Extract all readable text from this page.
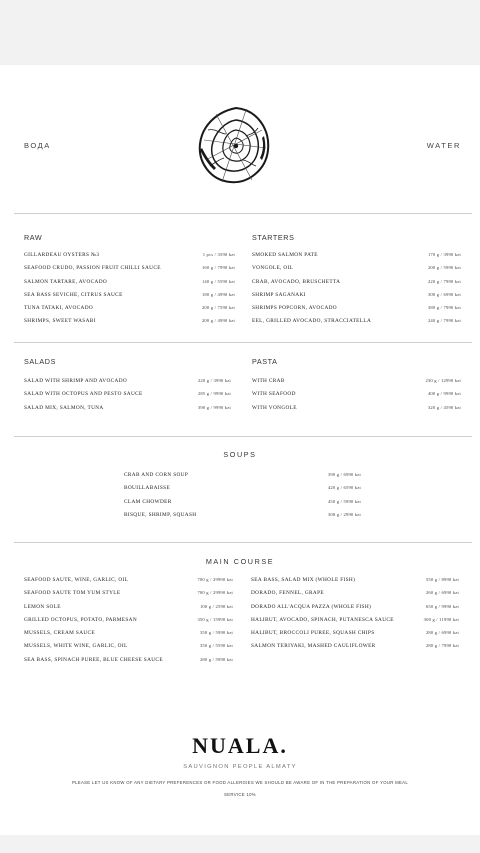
ВОДА	WATER
RAW
GILLARDEAU OYSTERS №3	1 pcs / 3590 kzt
SEAFOOD CRUDO, PASSION FRUIT CHILLI SAUCE	160 g / 7990 kzt
SALMON TARTARE, AVOCADO	140 g / 5590 kzt
SEA BASS SEVICHE, CITRUS SAUCE	180 g / 4990 kzt
TUNA TATAKI, AVOCADO	200 g / 7590 kzt
SHRIMPS, SWEET WASABI	200 g / 4990 kzt
STARTERS
SMOKED SALMON PATE	170 g / 3990 kzt
VONGOLE, OIL	200 g / 5990 kzt
CRAB, AVOCADO, BRUSCHETTA	220 g / 7990 kzt
SHRIMP SAGANAKI	300 g / 6990 kzt
SHRIMPS POPCORN, AVOCADO	380 g / 7990 kzt
EEL, GRILLED AVOCADO, STRACCIATELLA	240 g / 7990 kzt
SALADS
SALAD WITH SHRIMP AND AVOCADO	220 g / 3990 kzt
SALAD WITH OCTOPUS AND PESTO SAUCE	285 g / 9990 kzt
SALAD MIX, SALMON, TUNA	390 g / 9990 kzt
PASTA
WITH CRAB	230 g / 12990 kzt
WITH SEAFOOD	400 g / 9990 kzt
WITH VONGOLE	320 g / 4590 kzt
SOUPS
CRAB AND CORN SOUP	390 g / 6990 kzt
BOUILLABAISSE	420 g / 6590 kzt
CLAM CHOWDER	450 g / 5990 kzt
BISQUE, SHRIMP, SQUASH	300 g / 2990 kzt
MAIN COURSE
SEAFOOD SAUTE, WINE, GARLIC, OIL	700 g / 29990 kzt
SEAFOOD SAUTE TOM YUM STYLE	700 g / 29990 kzt
LEMON SOLE	100 g / 2590 kzt
GRILLED OCTOPUS, POTATO, PARMESAN	350 g / 15990 kzt
MUSSELS, CREAM SAUCE	350 g / 5990 kzt
MUSSELS, WHITE WINE, GARLIC, OIL	350 g / 5590 kzt
SEA BASS, SPINACH PUREE, BLUE CHEESE SAUCE	280 g / 5990 kzt
SEA BASS, SALAD MIX (WHOLE FISH)	550 g / 8990 kzt
DORADO, FENNEL, GRAPE	260 g / 6990 kzt
DORADO ALL'ACQUA PAZZA (WHOLE FISH)	650 g / 9990 kzt
HALIBUT, AVOCADO, SPINACH, PUTANESCA SAUCE	300 g / 11990 kzt
HALIBUT, BROCCOLI PUREE, SQUASH CHIPS	280 g / 6990 kzt
SALMON TERIYAKI, MASHED CAULIFLOWER	280 g / 7990 kzt
NUALA.
SAUVIGNON PEOPLE ALMATY
PLEASE LET US KNOW OF ANY DIETARY PREFERENCES OR FOOD ALLERGIES WE SHOULD BE AWARE OF IN THE PREPARATION OF YOUR MEAL
SERVICE 10%
